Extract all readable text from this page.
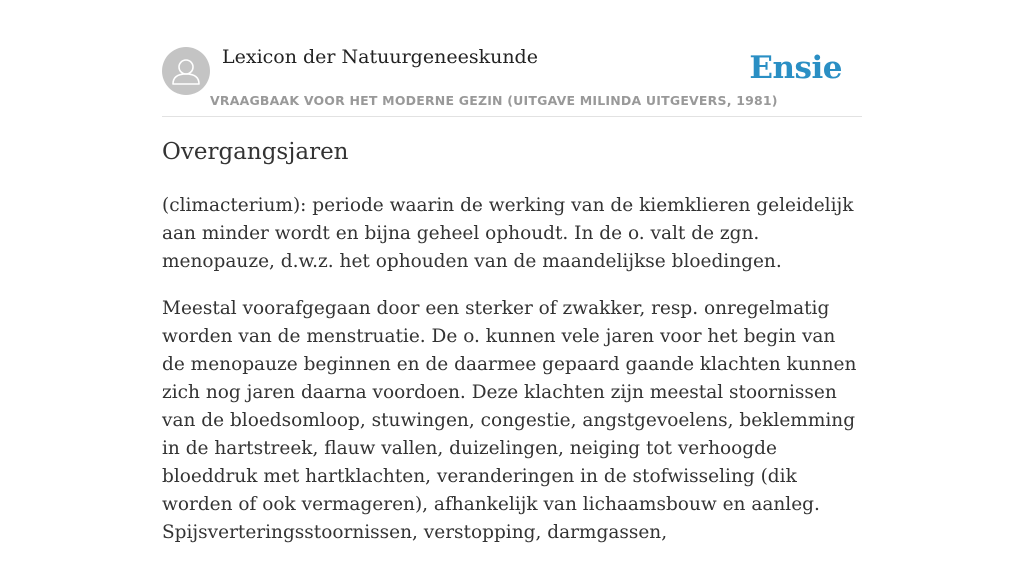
Lexicon der Natuurgeneeskunde
VRAAGBAAK VOOR HET MODERNE GEZIN (UITGAVE MILINDA UITGEVERS, 1981)
Ensie
Overgangsjaren

(climacterium): periode waarin de werking van de kiemklieren geleidelijk aan minder wordt en bijna geheel ophoudt. In de o. valt de zgn. menopauze, d.w.z. het ophouden van de maandelijkse bloedingen.

Meestal voorafgegaan door een sterker of zwakker, resp. onregelmatig worden van de menstruatie. De o. kunnen vele jaren voor het begin van de menopauze beginnen en de daarmee gepaard gaande klachten kunnen zich nog jaren daarna voordoen. Deze klachten zijn meestal stoornissen van de bloedsomloop, stuwingen, congestie, angstgevoelens, beklemming in de hartstreek, flauw vallen, duizelingen, neiging tot verhoogde bloeddruk met hartklachten, veranderingen in de stofwisseling (dik worden of ook vermageren), afhankelijk van lichaamsbouw en aanleg. Spijsverteringsstoornissen, verstopping, darmgassen,
